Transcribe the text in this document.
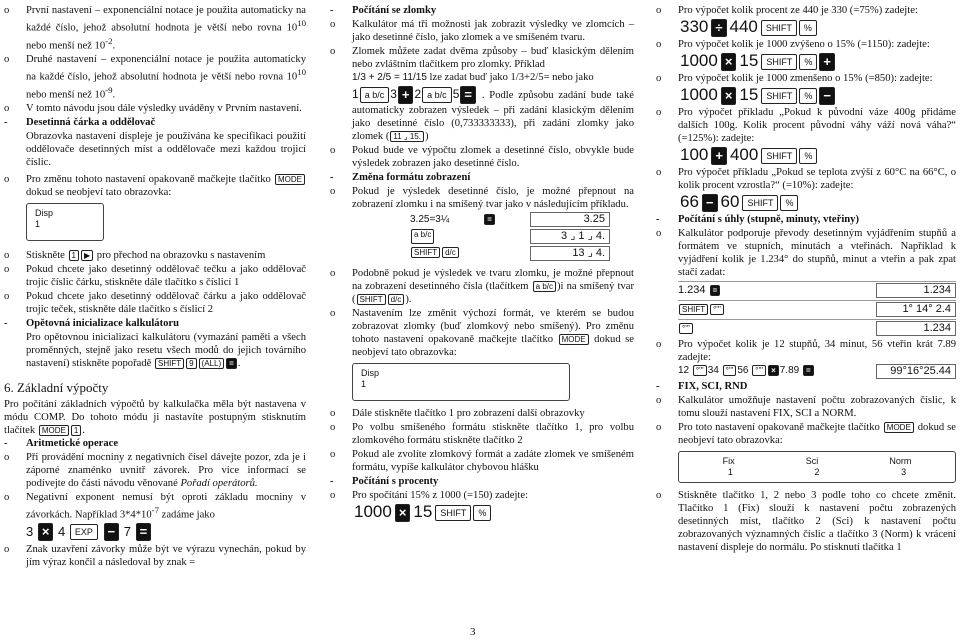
o První nastavení – exponenciální notace je použita automaticky na každé číslo, jehož absolutní hodnota je větší nebo rovna $10^{10}$ nebo menší než $10^{-2}$.
o Druhé nastavení – exponenciální notace je použita automaticky na každé číslo, jehož absolutní hodnota je větší nebo rovna $10^{10}$ nebo menší než $10^{-9}$.
o V tomto návodu jsou dále výsledky uváděny v Prvním nastavení.
- Desetinná čárka a oddělovač
Obrazovka nastavení displeje je používána ke specifikaci použití oddělovače desetinných míst a oddělovače mezi každou trojicí číslic.
o Pro změnu tohoto nastavení opakovaně mačkejte tlačítko MODE dokud se neobjeví tato obrazovka:
Disp
1
o Stiskněte 1 ▶ pro přechod na obrazovku s nastavením
o Pokud chcete jako desetinný oddělovač tečku a jako oddělovač trojic číslic čárku, stiskněte dále tlačítko s číslicí 1
o Pokud chcete jako desetinný oddělovač čárku a jako oddělovač trojic teček, stiskněte dále tlačítko s číslicí 2
- Opětovná inicializace kalkulátoru
Pro opětovnou inicializaci kalkulátoru (vymazání paměti a všech proměnných, stejně jako resetu všech modů do jejich továrního nastavení) stiskněte popořadě SHIFT 9 (ALL) = .
6. Základní výpočty
Pro počítání základních výpočtů by kalkulačka měla být nastavena v módu COMP. Do tohoto módu ji nastavíte postupným stisknutím tlačítek MODE 1 .
- Aritmetické operace
o Při provádění mocniny z negativních čísel dávejte pozor, zda je i záporné znaménko uvnitř závorek. Pro více informací se podívejte do části návodu věnované Pořadí operátorů.
o Negativní exponent nemusí být oproti základu mocniny v závorkách. Například $3*4*10^{-7}$ zadáme jako
3 × 4 EXP − 7 =
o Znak uzavření závorky může být ve výrazu vynechán, pokud by jím výraz končil a následoval by znak =
- Počítání se zlomky
o Kalkulátor má tři možnosti jak zobrazit výsledky ve zlomcích – jako desetinné číslo, jako zlomek a ve smíšeném tvaru.
o Zlomek můžete zadat dvěma způsoby – buď klasickým dělením nebo zvláštním tlačítkem pro zlomky. Příklad
1/3 + 2/5 = 11/15 lze zadat buď jako 1/3+2/5= nebo jako
1 a b/c 3 + 2 a b/c 5 = . Podle způsobu zadání bude také automaticky zobrazen výsledek – při zadání klasickým dělením jako desetinné číslo (0,733333333), při zadání zlomky jako zlomek ( 11 ⌟ 15. )
o Pokud bude ve výpočtu zlomek a desetinné číslo, obvykle bude výsledek zobrazen jako desetinné číslo.
- Změna formátu zobrazení
o Pokud je výsledek desetinné číslo, je možné přepnout na zobrazení zlomku i na smíšený tvar jako v následujícím příkladu.
3.25=3¼	=	3.25
a b/c	3 ⌟ 1 ⌟ 4.
SHIFT d/c	13 ⌟ 4.
o Podobně pokud je výsledek ve tvaru zlomku, je možné přepnout na zobrazení desetinného čísla (tlačítkem a b/c )i na smíšený tvar ( SHIFT d/c ).
o Nastavením lze změnit výchozí formát, ve kterém se budou zobrazovat zlomky (buď zlomkový nebo smíšený). Pro změnu tohoto nastavení opakovaně mačkejte tlačítko MODE dokud se neobjeví tato obrazovka:
Disp
1
o Dále stiskněte tlačítko 1 pro zobrazení další obrazovky
o Po volbu smíšeného formátu stiskněte tlačítko 1, pro volbu zlomkového formátu stiskněte tlačítko 2
o Pokud ale zvolíte zlomkový formát a zadáte zlomek ve smíšeném formátu, vypíše kalkulátor chybovou hlášku
- Počítání s procenty
o Pro spočítání 15% z 1000 (=150) zadejte:
1000 × 15 SHIFT %
o Pro výpočet kolik procent ze 440 je 330 (=75%) zadejte:
330 ÷ 440 SHIFT %
o Pro výpočet kolik je 1000 zvýšeno o 15% (=1150): zadejte:
1000 × 15 SHIFT % +
o Pro výpočet kolik je 1000 zmenšeno o 15% (=850): zadejte:
1000 × 15 SHIFT % −
o Pro výpočet příkladu „Pokud k původní váze 400g přidáme dalších 100g. Kolik procent původní váhy váží nová váha?“ (=125%): zadejte:
100 + 400 SHIFT %
o Pro výpočet příkladu „Pokud se teplota zvýší z 60°C na 66°C, o kolik procent vzrostla?“ (=10%): zadejte:
66 − 60 SHIFT %
- Počítání s úhly (stupně, minuty, vteřiny)
o Kalkulátor podporuje převody desetinným vyjádřením stupňů a formátem ve stupních, minutách a vteřinách. Například k vyjádření kolik je 1.234° do stupňů, minut a vteřin a pak zpat stačí zadat:
1.234 =	1.234
SHIFT °'''	1° 14° 2.4
°'''	1.234
o Pro výpočet kolik je 12 stupňů, 34 minut, 56 vteřin krát 7.89 zadejte:
12 °''' 34 °''' 56 °''' × 7.89 =	99°16°25.44
- FIX, SCI, RND
o Kalkulátor umožňuje nastavení počtu zobrazovaných číslic, k tomu slouží nastavení FIX, SCI a NORM.
o Pro toto nastavení opakovaně mačkejte tlačítko MODE dokud se neobjeví tato obrazovka:
Fix	Sci	Norm
1	2	3
o Stiskněte tlačítko 1, 2 nebo 3 podle toho co chcete změnit. Tlačítko 1 (Fix) slouží k nastavení počtu zobrazených desetinných míst, tlačítko 2 (Sci) k nastavení počtu zobrazovaných významných číslic a tlačítko 3 (Norm) k vrácení nastavení displeje do normálu. Po stisknutí tlačítka 1
3
